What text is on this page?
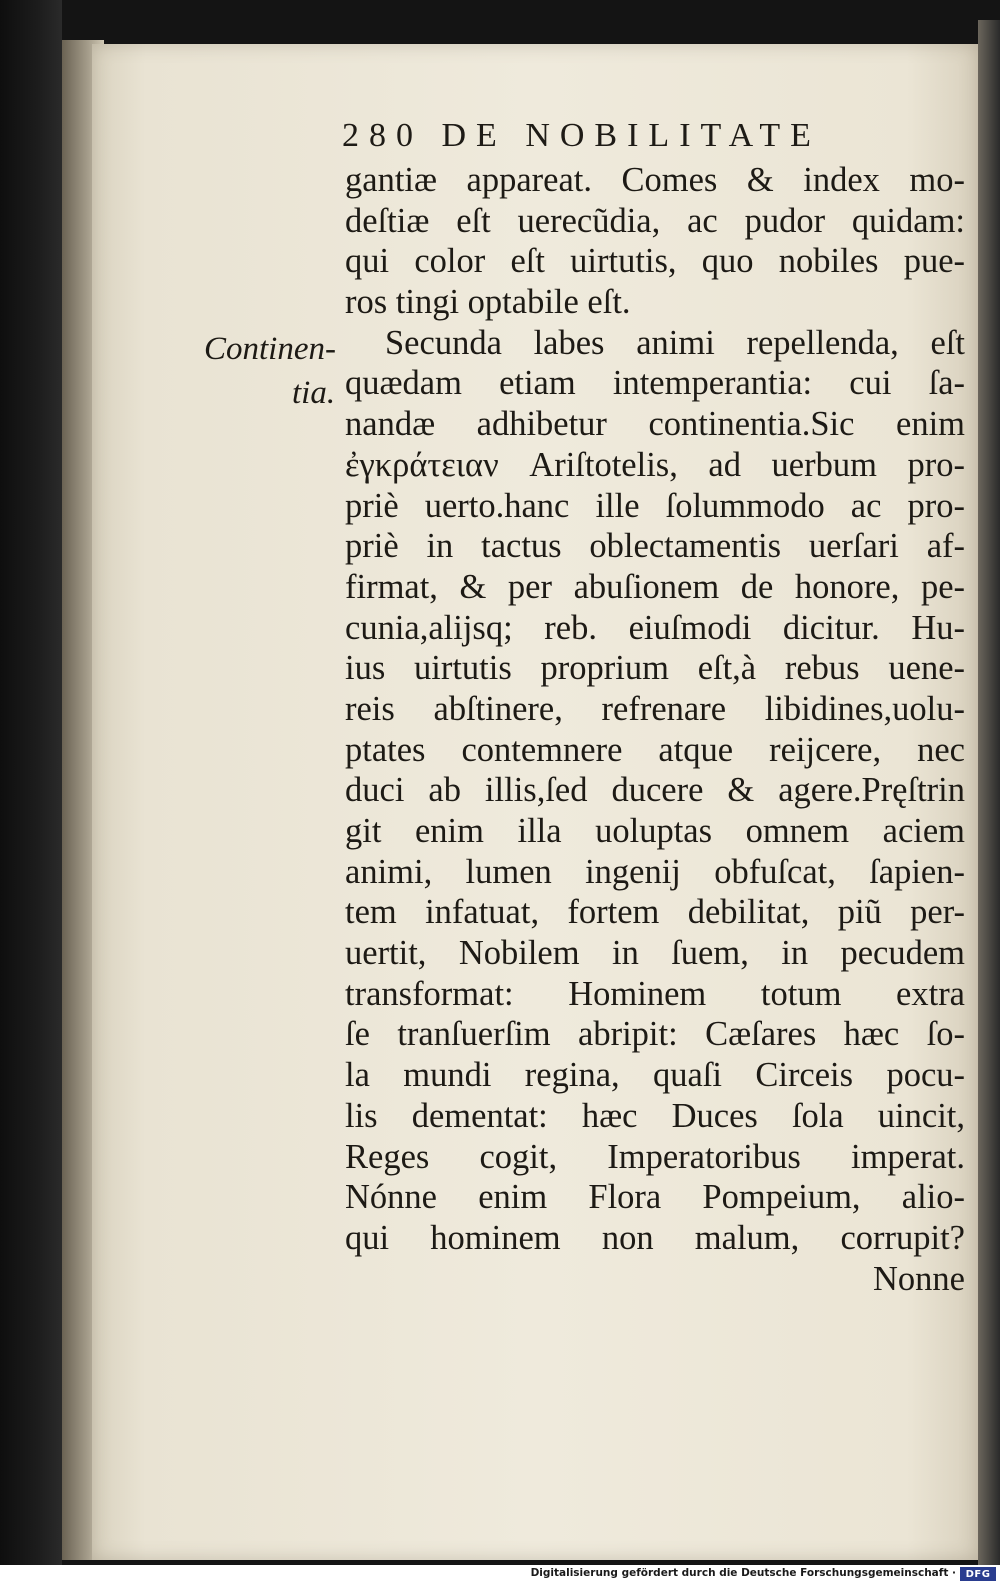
280 DE NOBILITATE
Continen-
tia.
gantiæ appareat. Comes & index mo-
deſtiæ eſt uerecũdia, ac pudor quidam:
qui color eſt uirtutis, quo nobiles pue-
ros tingi optabile eſt.
Secunda labes animi repellenda, eſt
quædam etiam intemperantia: cui ſa-
nandæ adhibetur continentia.Sic enim
ἐγκράτειαν Ariſtotelis, ad uerbum pro-
priè uerto.hanc ille ſolummodo ac pro-
priè in tactus oblectamentis uerſari af-
firmat, & per abuſionem de honore, pe-
cunia,alijsq; reb. eiuſmodi dicitur. Hu-
ius uirtutis proprium eſt,à rebus uene-
reis abſtinere, refrenare libidines,uolu-
ptates contemnere atque reijcere, nec
duci ab illis,ſed ducere & agere.Pręſtrin
git enim illa uoluptas omnem aciem
animi, lumen ingenij obfuſcat, ſapien-
tem infatuat, fortem debilitat, piũ per-
uertit, Nobilem in ſuem, in pecudem
transformat: Hominem totum extra
ſe tranſuerſim abripit: Cæſares hæc ſo-
la mundi regina, quaſi Circeis pocu-
lis dementat: hæc Duces ſola uincit,
Reges cogit, Imperatoribus imperat.
Nónne enim Flora Pompeium, alio-
qui hominem non malum, corrupit?
Nonne
Digitalisierung gefördert durch die Deutsche Forschungsgemeinschaft · DFG
